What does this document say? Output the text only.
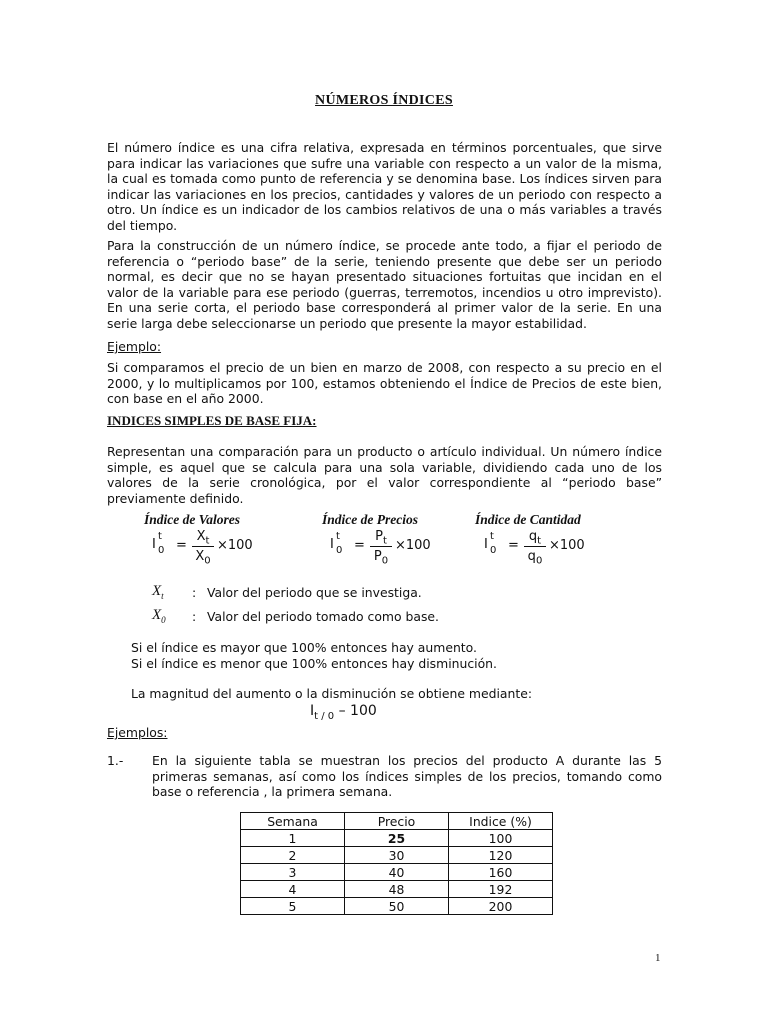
NÚMEROS ÍNDICES
El número índice es una cifra relativa, expresada en términos porcentuales, que sirve para indicar las variaciones que sufre una variable con respecto a un valor de la misma, la cual es tomada como punto de referencia y se denomina base. Los índices sirven para indicar las variaciones en los precios, cantidades y valores de un periodo con respecto a otro. Un índice es un indicador de los cambios relativos de una o más variables a través del tiempo.
Para la construcción de un número índice, se procede ante todo, a fijar el periodo de referencia o “periodo base” de la serie, teniendo presente que debe ser un periodo normal, es decir que no se hayan presentado situaciones fortuitas que incidan en el valor de la variable para ese periodo (guerras, terremotos, incendios u otro imprevisto). En una serie corta, el periodo base corresponderá al primer valor de la serie. En una serie larga debe seleccionarse un periodo que presente la mayor estabilidad.
Ejemplo:
Si comparamos el precio de un bien en marzo de 2008, con respecto a su precio en el 2000, y lo multiplicamos por 100, estamos obteniendo el Índice de Precios de este bien, con base en el año 2000.
INDICES SIMPLES DE BASE FIJA:
Representan una comparación para un producto o artículo individual. Un número índice simple, es aquel que se calcula para una sola variable, dividiendo cada uno de los valores de la serie cronológica, por el valor correspondiente al “periodo base” previamente definido.
Índice de Valores	Índice de Precios	Índice de Cantidad
I
t
$0 = \frac{X_t}{X_0} \times 100$	I
t
$0 = \frac{P_t}{P_0} \times 100$	I
t
$0 = \frac{q_t}{q_0} \times 100$
$X_t$ : Valor del periodo que se investiga.
$X_0$ : Valor del periodo tomado como base.
Si el índice es mayor que 100% entonces hay aumento.
Si el índice es menor que 100% entonces hay disminución.
La magnitud del aumento o la disminución se obtiene mediante:
$I_{t / 0} - 100$
Ejemplos:
1.- En la siguiente tabla se muestran los precios del producto A durante las 5 primeras semanas, así como los índices simples de los precios, tomando como base o referencia , la primera semana.
Semana	Precio	Indice (%)
1	25	100
2	30	120
3	40	160
4	48	192
5	50	200
1
